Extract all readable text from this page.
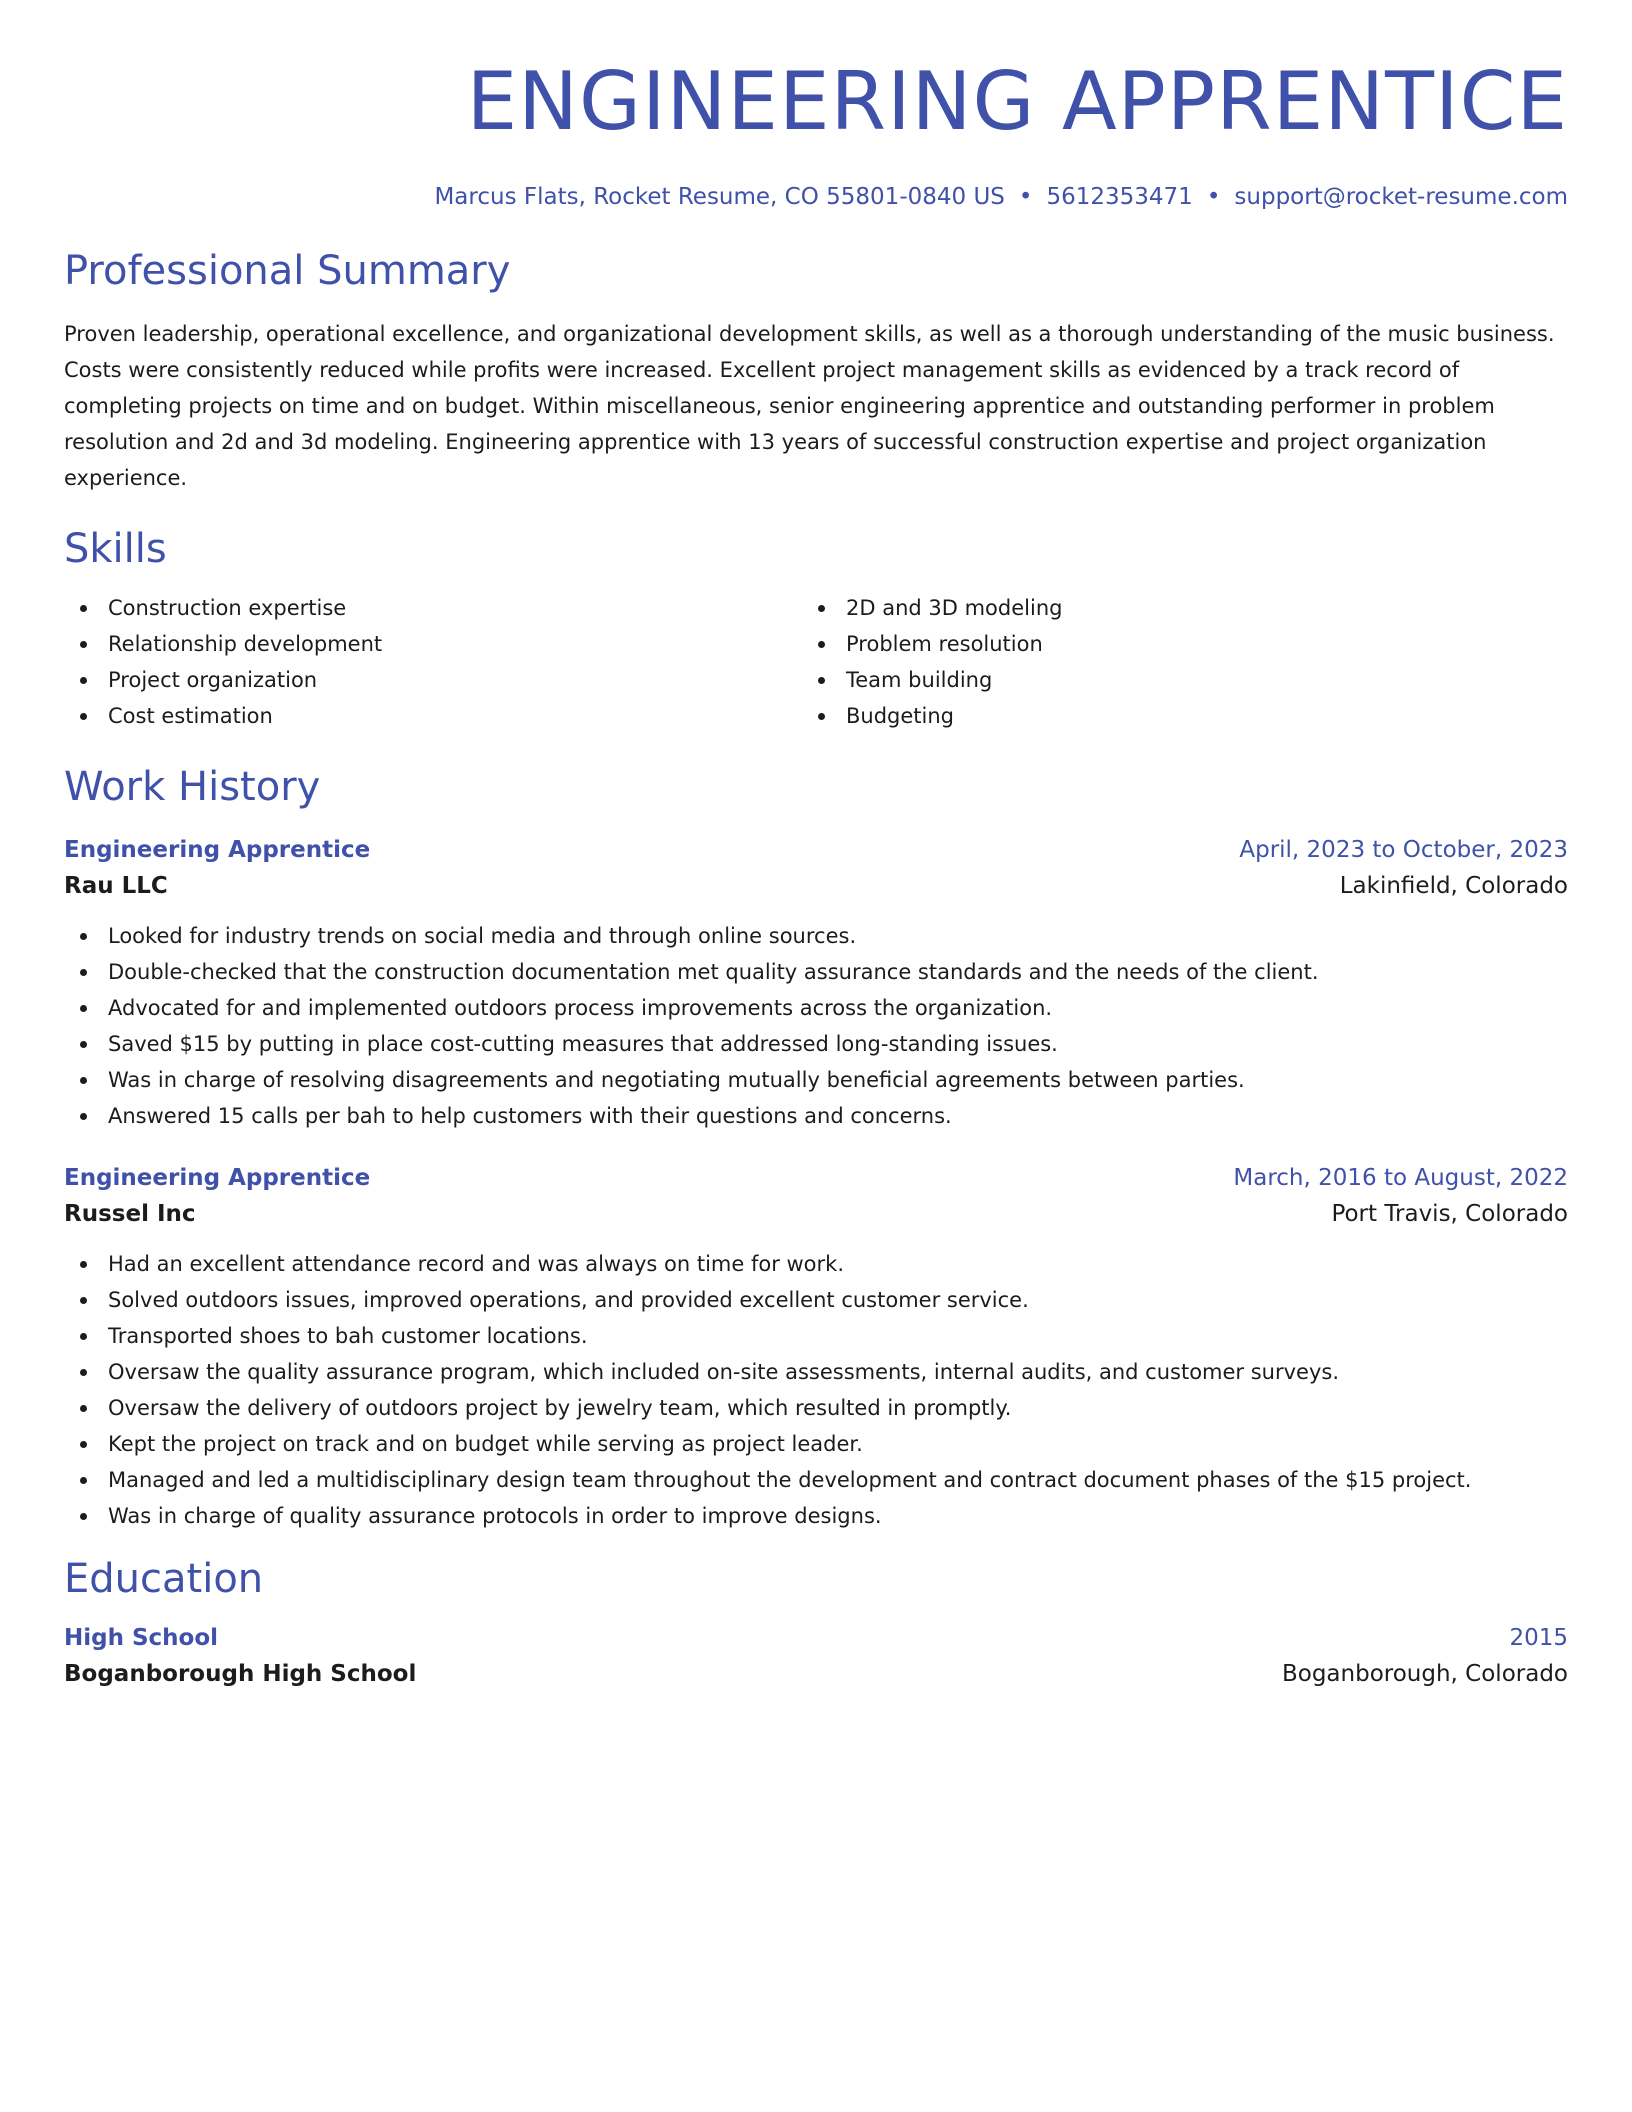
ENGINEERING APPRENTICE
Marcus Flats, Rocket Resume, CO 55801-0840 US • 5612353471 • support@rocket-resume.com
Professional Summary
Proven leadership, operational excellence, and organizational development skills, as well as a thorough understanding of the music business. Costs were consistently reduced while profits were increased. Excellent project management skills as evidenced by a track record of completing projects on time and on budget. Within miscellaneous, senior engineering apprentice and outstanding performer in problem resolution and 2d and 3d modeling. Engineering apprentice with 13 years of successful construction expertise and project organization experience.
Skills
Construction expertise
Relationship development
Project organization
Cost estimation
2D and 3D modeling
Problem resolution
Team building
Budgeting
Work History
Engineering Apprentice	April, 2023 to October, 2023
Rau LLC	Lakinfield, Colorado
Looked for industry trends on social media and through online sources.
Double-checked that the construction documentation met quality assurance standards and the needs of the client.
Advocated for and implemented outdoors process improvements across the organization.
Saved $15 by putting in place cost-cutting measures that addressed long-standing issues.
Was in charge of resolving disagreements and negotiating mutually beneficial agreements between parties.
Answered 15 calls per bah to help customers with their questions and concerns.
Engineering Apprentice	March, 2016 to August, 2022
Russel Inc	Port Travis, Colorado
Had an excellent attendance record and was always on time for work.
Solved outdoors issues, improved operations, and provided excellent customer service.
Transported shoes to bah customer locations.
Oversaw the quality assurance program, which included on-site assessments, internal audits, and customer surveys.
Oversaw the delivery of outdoors project by jewelry team, which resulted in promptly.
Kept the project on track and on budget while serving as project leader.
Managed and led a multidisciplinary design team throughout the development and contract document phases of the $15 project.
Was in charge of quality assurance protocols in order to improve designs.
Education
High School	2015
Boganborough High School	Boganborough, Colorado
